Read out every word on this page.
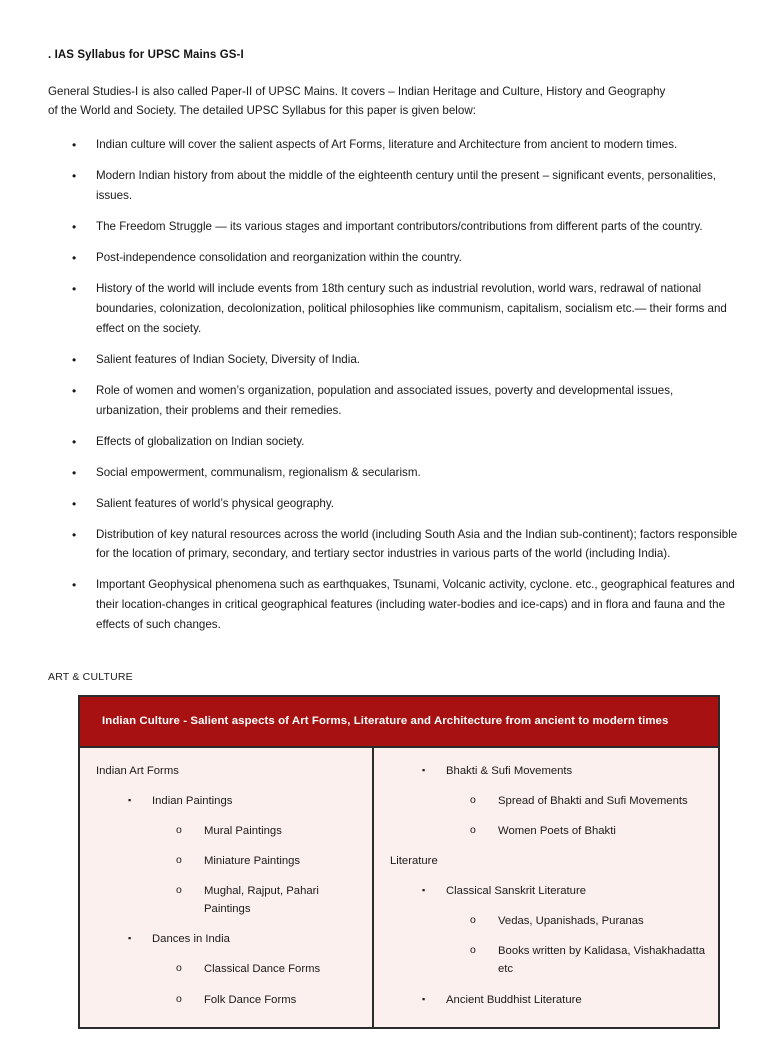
. IAS Syllabus for UPSC Mains GS-I

General Studies-I is also called Paper-II of UPSC Mains. It covers – Indian Heritage and Culture, History and Geography of the World and Society. The detailed UPSC Syllabus for this paper is given below:

• Indian culture will cover the salient aspects of Art Forms, literature and Architecture from ancient to modern times.
• Modern Indian history from about the middle of the eighteenth century until the present – significant events, personalities, issues.
• The Freedom Struggle — its various stages and important contributors/contributions from different parts of the country.
• Post-independence consolidation and reorganization within the country.
• History of the world will include events from 18th century such as industrial revolution, world wars, redrawal of national boundaries, colonization, decolonization, political philosophies like communism, capitalism, socialism etc.— their forms and effect on the society.
• Salient features of Indian Society, Diversity of India.
• Role of women and women’s organization, population and associated issues, poverty and developmental issues, urbanization, their problems and their remedies.
• Effects of globalization on Indian society.
• Social empowerment, communalism, regionalism & secularism.
• Salient features of world’s physical geography.
• Distribution of key natural resources across the world (including South Asia and the Indian sub-continent); factors responsible for the location of primary, secondary, and tertiary sector industries in various parts of the world (including India).
• Important Geophysical phenomena such as earthquakes, Tsunami, Volcanic activity, cyclone. etc., geographical features and their location-changes in critical geographical features (including water-bodies and ice-caps) and in flora and fauna and the effects of such changes.
ART & CULTURE
Indian Culture - Salient aspects of Art Forms, Literature and Architecture from ancient to modern times
Indian Art Forms
▪ Indian Paintings
o Mural Paintings
o Miniature Paintings
o Mughal, Rajput, Pahari Paintings
▪ Dances in India
o Classical Dance Forms
o Folk Dance Forms
▪ Bhakti & Sufi Movements
o Spread of Bhakti and Sufi Movements
o Women Poets of Bhakti
Literature
▪ Classical Sanskrit Literature
o Vedas, Upanishads, Puranas
o Books written by Kalidasa, Vishakhadatta etc
▪ Ancient Buddhist Literature
